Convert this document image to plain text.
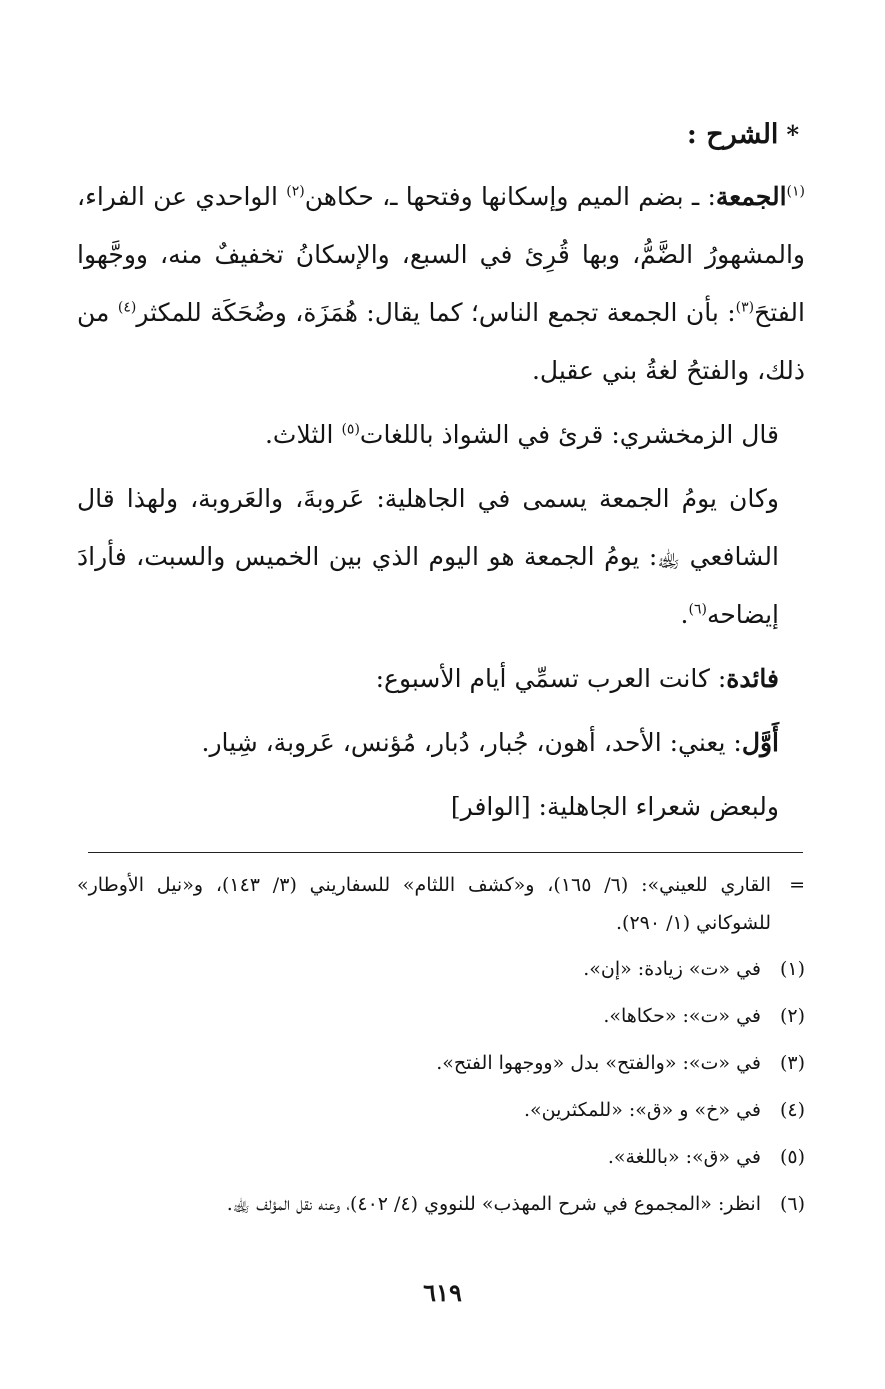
*الشرح :

$^{(١)}$الجمعة: ـ بضم الميم وإسكانها وفتحها ـ، حكاهن$^{(٢)}$ الواحدي عن الفراء، والمشهورُ الضَّمُّ، وبها قُرِئ في السبع، والإسكانُ تخفيفٌ منه، ووجَّهوا الفتحَ$^{(٣)}$: بأن الجمعة تجمع الناس؛ كما يقال: هُمَزَة، وضُحَكَة للمكثر$^{(٤)}$ من ذلك، والفتحُ لغةُ بني عقيل.

قال الزمخشري: قرئ في الشواذ باللغات$^{(٥)}$ الثلاث.

وكان يومُ الجمعة يسمى في الجاهلية: عَروبةَ، والعَروبة، ولهذا قال الشافعي ﵀: يومُ الجمعة هو اليوم الذي بين الخميس والسبت، فأرادَ إيضاحه$^{(٦)}$.

فائدة: كانت العرب تسمِّي أيام الأسبوع:

أَوَّل: يعني: الأحد، أهون، جُبار، دُبار، مُؤنس، عَروبة، شِيار.

ولبعض شعراء الجاهلية: [الوافر]

=
القاري للعيني»: (٦/ ١٦٥)، و«كشف اللثام» للسفاريني (٣/ ١٤٣)، و«نيل الأوطار» للشوكاني (١/ ٢٩٠).
(١)
في «ت» زيادة: «إن».
(٢)
في «ت»: «حكاها».
(٣)
في «ت»: «والفتح» بدل «ووجهوا الفتح».
(٤)
في «خ» و «ق»: «للمكثرين».
(٥)
في «ق»: «باللغة».
(٦)
انظر: «المجموع في شرح المهذب» للنووي (٤/ ٤٠٢)، وعنه نقل المؤلف ﵀.
٦١٩
